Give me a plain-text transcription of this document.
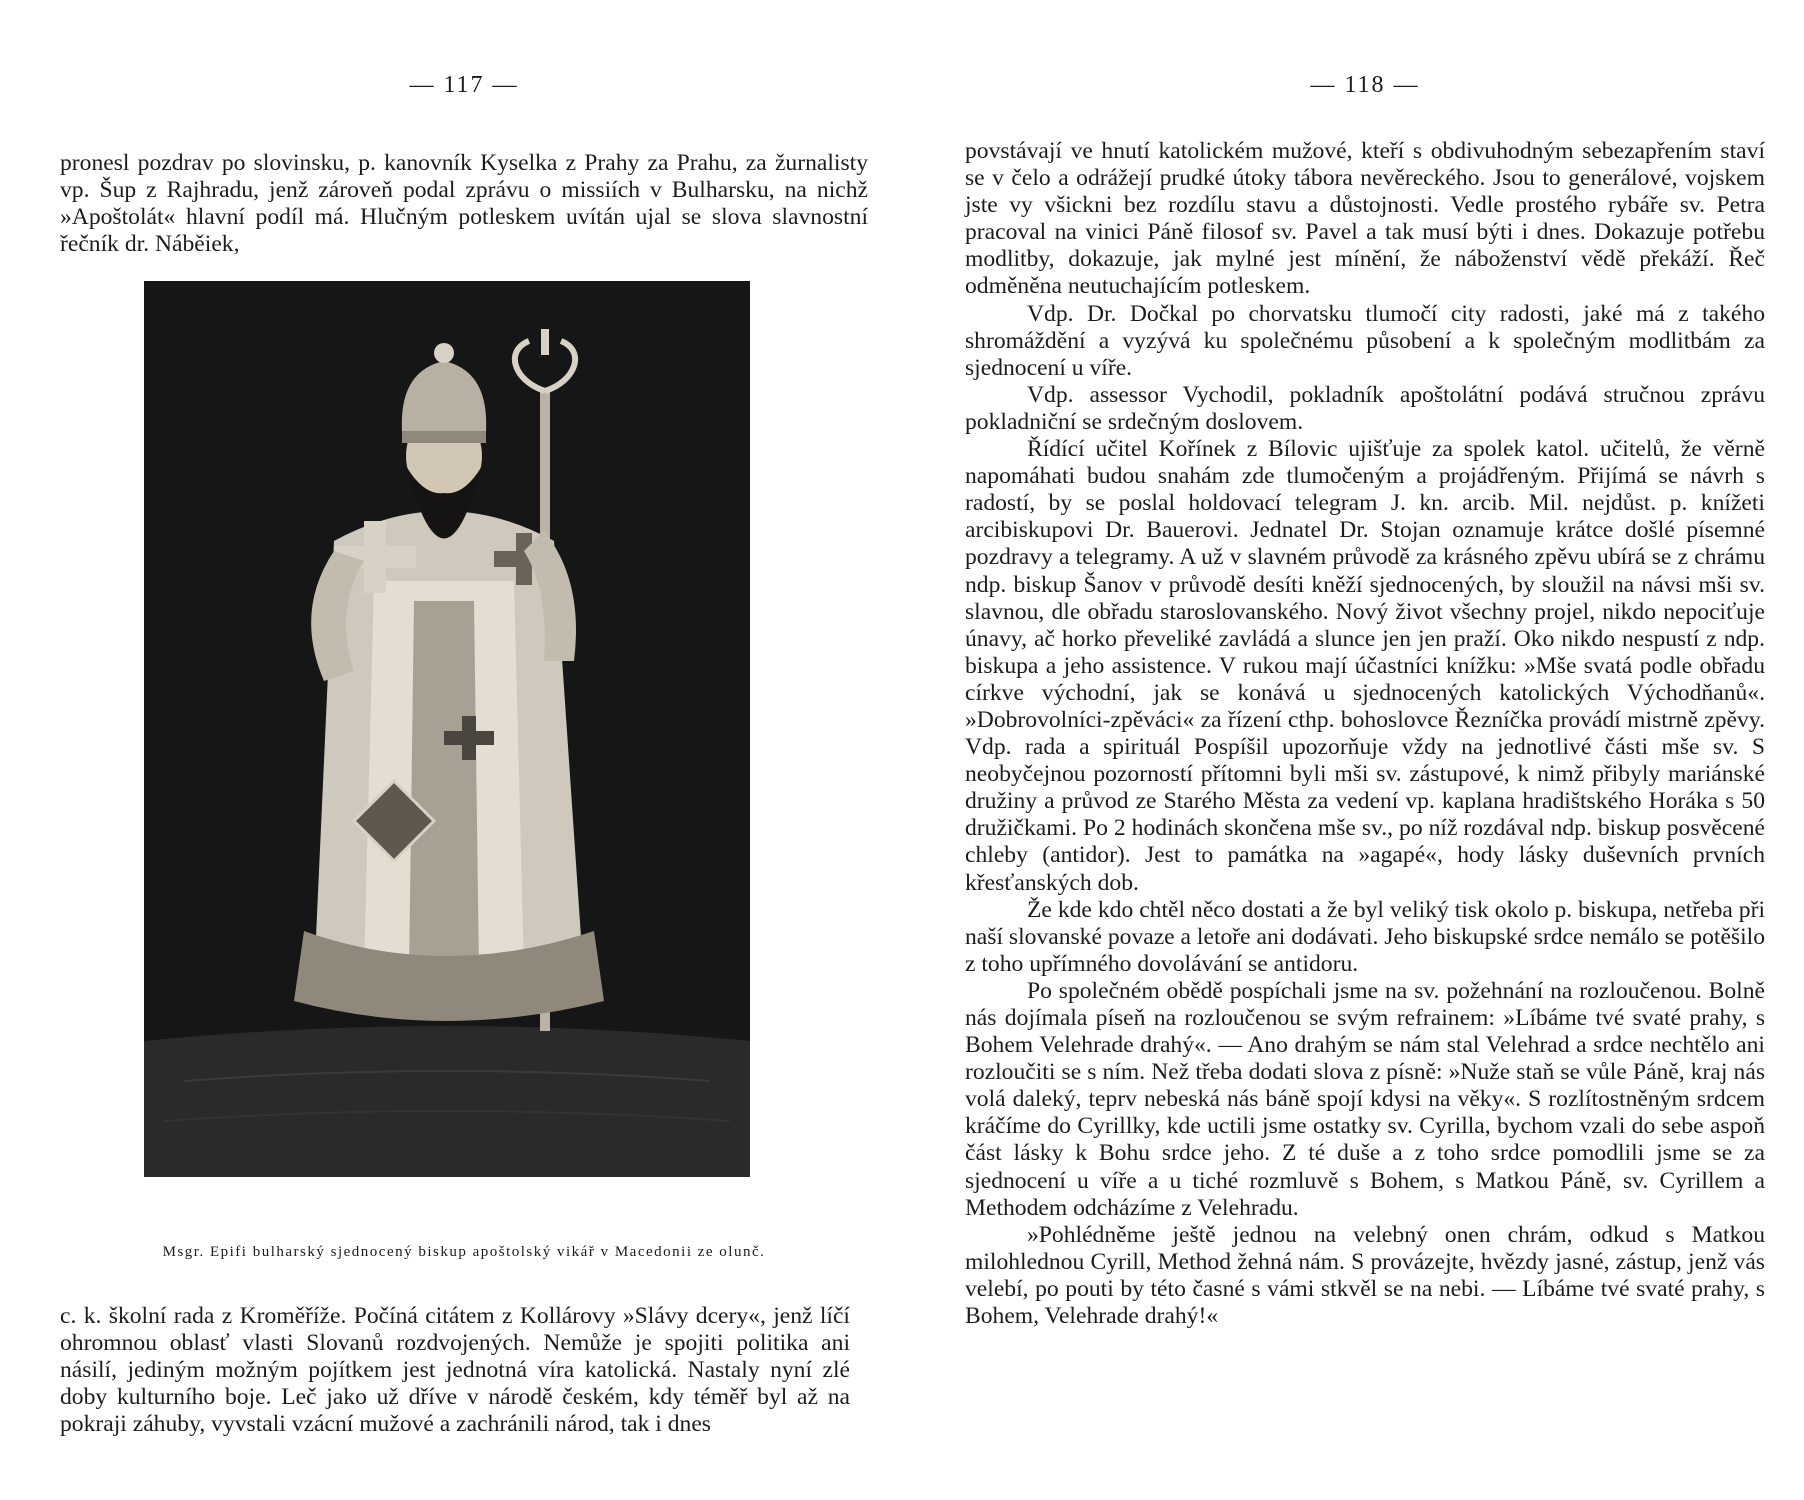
— 117 —

pronesl pozdrav po slovinsku, p. kanovník Kyselka z Prahy za Prahu, za žurnalisty vp. Šup z Rajhradu, jenž zároveň podal zprávu o missiích v Bulharsku, na nichž »Apoštolát« hlavní podíl má. Hlučným potleskem uvítán ujal se slova slavnostní řečník dr. Náběiek,

Msgr. Epifi bulharský sjednocený biskup apoštolský vikář v Macedonii ze olunč.

c. k. školní rada z Kroměříže. Počíná citátem z Kollárovy »Slávy dcery«, jenž líčí ohromnou oblasť vlasti Slovanů rozdvojených. Nemůže je spojiti politika ani násilí, jediným možným pojítkem jest jednotná víra katolická. Nastaly nyní zlé doby kulturního boje. Leč jako už dříve v národě českém, kdy téměř byl až na pokraji záhuby, vyvstali vzácní mužové a zachránili národ, tak i dnes

— 118 —

povstávají ve hnutí katolickém mužové, kteří s obdivuhodným sebezapřením staví se v čelo a odrážejí prudké útoky tábora nevěreckého. Jsou to generálové, vojskem jste vy všickni bez rozdílu stavu a důstojnosti. Vedle prostého rybáře sv. Petra pracoval na vinici Páně filosof sv. Pavel a tak musí býti i dnes. Dokazuje potřebu modlitby, dokazuje, jak mylné jest mínění, že náboženství vědě překáží. Řeč odměněna neutuchajícím potleskem.

Vdp. Dr. Dočkal po chorvatsku tlumočí city radosti, jaké má z takého shromáždění a vyzývá ku společnému působení a k společným modlitbám za sjednocení u víře.

Vdp. assessor Vychodil, pokladník apoštolátní podává stručnou zprávu pokladniční se srdečným doslovem.

Řídící učitel Kořínek z Bílovic ujišťuje za spolek katol. učitelů, že věrně napomáhati budou snahám zde tlumočeným a projádřeným. Přijímá se návrh s radostí, by se poslal holdovací telegram J. kn. arcib. Mil. nejdůst. p. knížeti arcibiskupovi Dr. Bauerovi. Jednatel Dr. Stojan oznamuje krátce došlé písemné pozdravy a telegramy. A už v slavném průvodě za krásného zpěvu ubírá se z chrámu ndp. biskup Šanov v průvodě desíti kněží sjednocených, by sloužil na návsi mši sv. slavnou, dle obřadu staroslovanského. Nový život všechny projel, nikdo nepociťuje únavy, ač horko převeliké zavládá a slunce jen jen praží. Oko nikdo nespustí z ndp. biskupa a jeho assistence. V rukou mají účastníci knížku: »Mše svatá podle obřadu církve východní, jak se konává u sjednocených katolických Východňanů«. »Dobrovolníci-zpěváci« za řízení cthp. bohoslovce Řezníčka provádí mistrně zpěvy. Vdp. rada a spirituál Pospíšil upozorňuje vždy na jednotlivé části mše sv. S neobyčejnou pozorností přítomni byli mši sv. zástupové, k nimž přibyly mariánské družiny a průvod ze Starého Města za vedení vp. kaplana hradištského Horáka s 50 družičkami. Po 2 hodinách skončena mše sv., po níž rozdával ndp. biskup posvěcené chleby (antidor). Jest to památka na »agapé«, hody lásky duševních prvních křesťanských dob.

Že kde kdo chtěl něco dostati a že byl veliký tisk okolo p. biskupa, netřeba při naší slovanské povaze a letoře ani dodávati. Jeho biskupské srdce nemálo se potěšilo z toho upřímného dovolávání se antidoru.

Po společném obědě pospíchali jsme na sv. požehnání na rozloučenou. Bolně nás dojímala píseň na rozloučenou se svým refrainem: »Líbáme tvé svaté prahy, s Bohem Velehrade drahý«. — Ano drahým se nám stal Velehrad a srdce nechtělo ani rozloučiti se s ním. Než třeba dodati slova z písně: »Nuže staň se vůle Páně, kraj nás volá daleký, teprv nebeská nás báně spojí kdysi na věky«. S rozlítostněným srdcem kráčíme do Cyrillky, kde uctili jsme ostatky sv. Cyrilla, bychom vzali do sebe aspoň část lásky k Bohu srdce jeho. Z té duše a z toho srdce pomodlili jsme se za sjednocení u víře a u tiché rozmluvě s Bohem, s Matkou Páně, sv. Cyrillem a Methodem odcházíme z Velehradu.

»Pohlédněme ještě jednou na velebný onen chrám, odkud s Matkou milohlednou Cyrill, Method žehná nám. S provázejte, hvězdy jasné, zástup, jenž vás velebí, po pouti by této časné s vámi stkvěl se na nebi. — Líbáme tvé svaté prahy, s Bohem, Velehrade drahý!«
